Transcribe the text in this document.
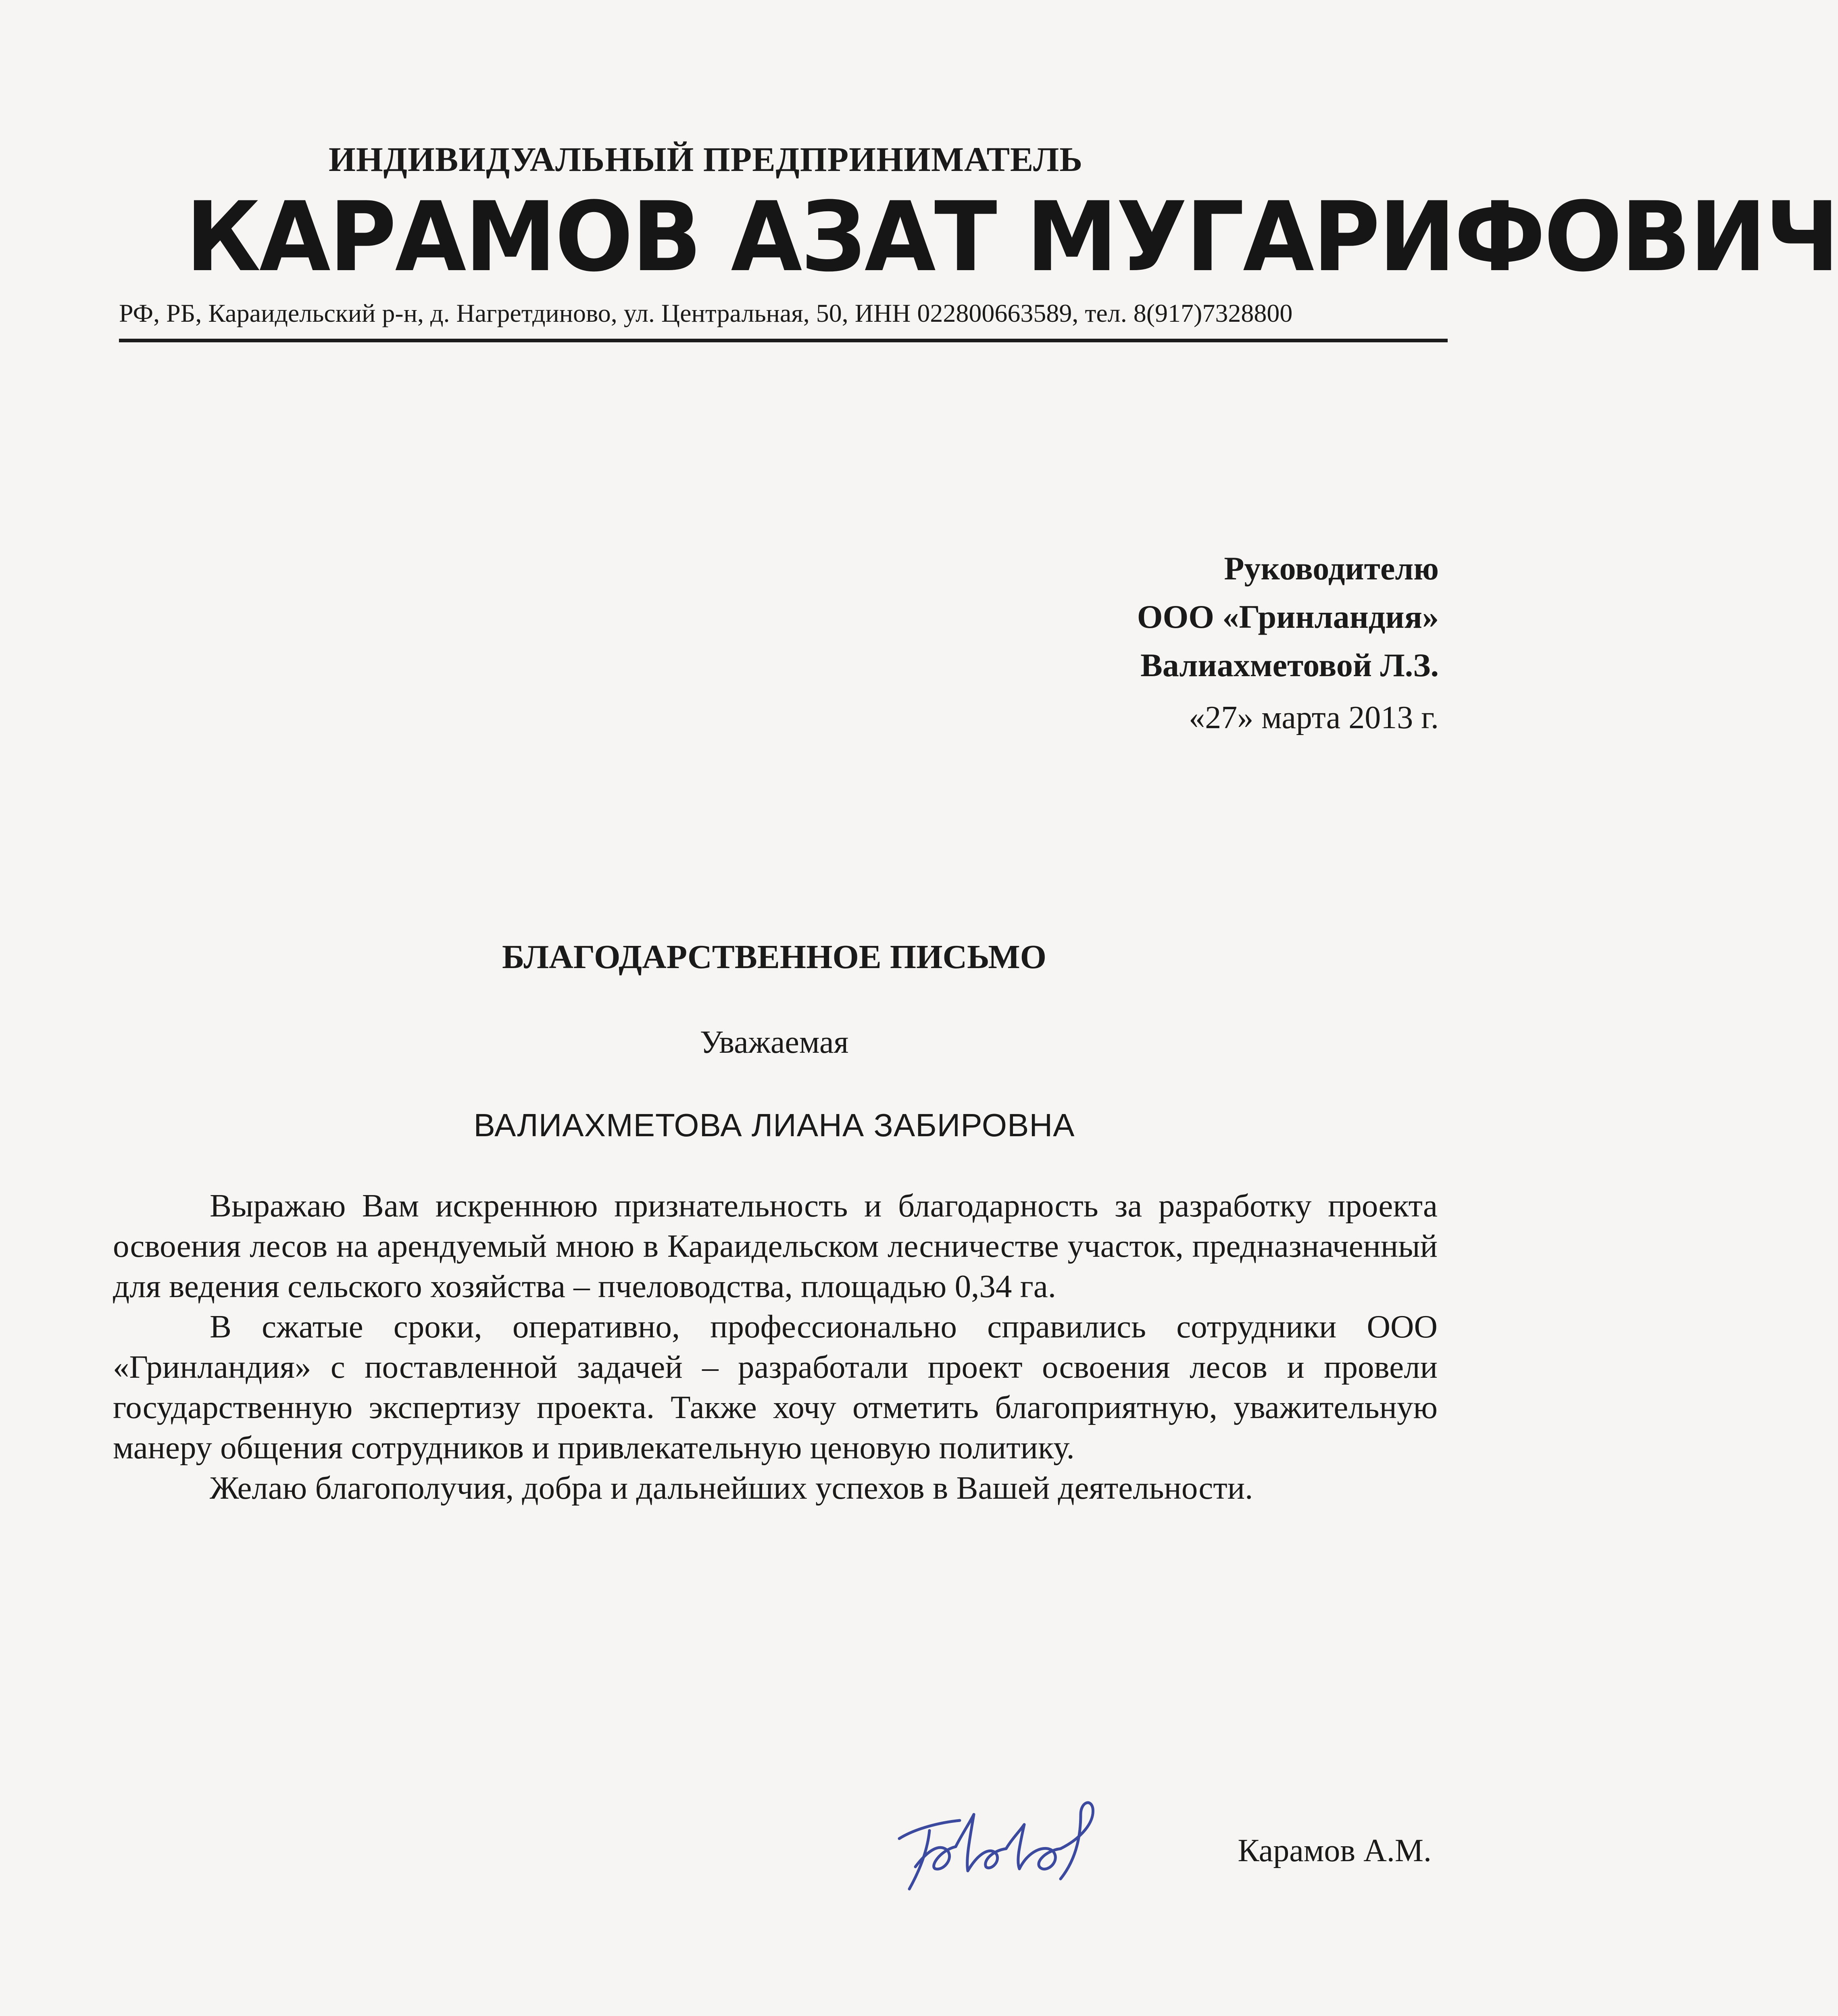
ИНДИВИДУАЛЬНЫЙ ПРЕДПРИНИМАТЕЛЬ
КАРАМОВ АЗАТ МУГАРИФОВИЧ
РФ, РБ, Караидельский р-н, д. Нагретдиново, ул. Центральная, 50, ИНН 022800663589, тел. 8(917)7328800
Руководителю
ООО «Гринландия»
Валиахметовой Л.З.
«27» марта 2013 г.
БЛАГОДАРСТВЕННОЕ ПИСЬМО
Уважаемая
ВАЛИАХМЕТОВА ЛИАНА ЗАБИРОВНА

Выражаю Вам искреннюю признательность и благодарность за разработку проекта освоения лесов на арендуемый мною в Караидельском лесничестве участок, предназначенный для ведения сельского хозяйства – пчеловодства, площадью 0,34 га.

В сжатые сроки, оперативно, профессионально справились сотрудники ООО «Гринландия» с поставленной задачей – разработали проект освоения лесов и провели государственную экспертизу проекта. Также хочу отметить благоприятную, уважительную манеру общения сотрудников и привлекательную ценовую политику.

Желаю благополучия, добра и дальнейших успехов в Вашей деятельности.

Карамов А.М.
